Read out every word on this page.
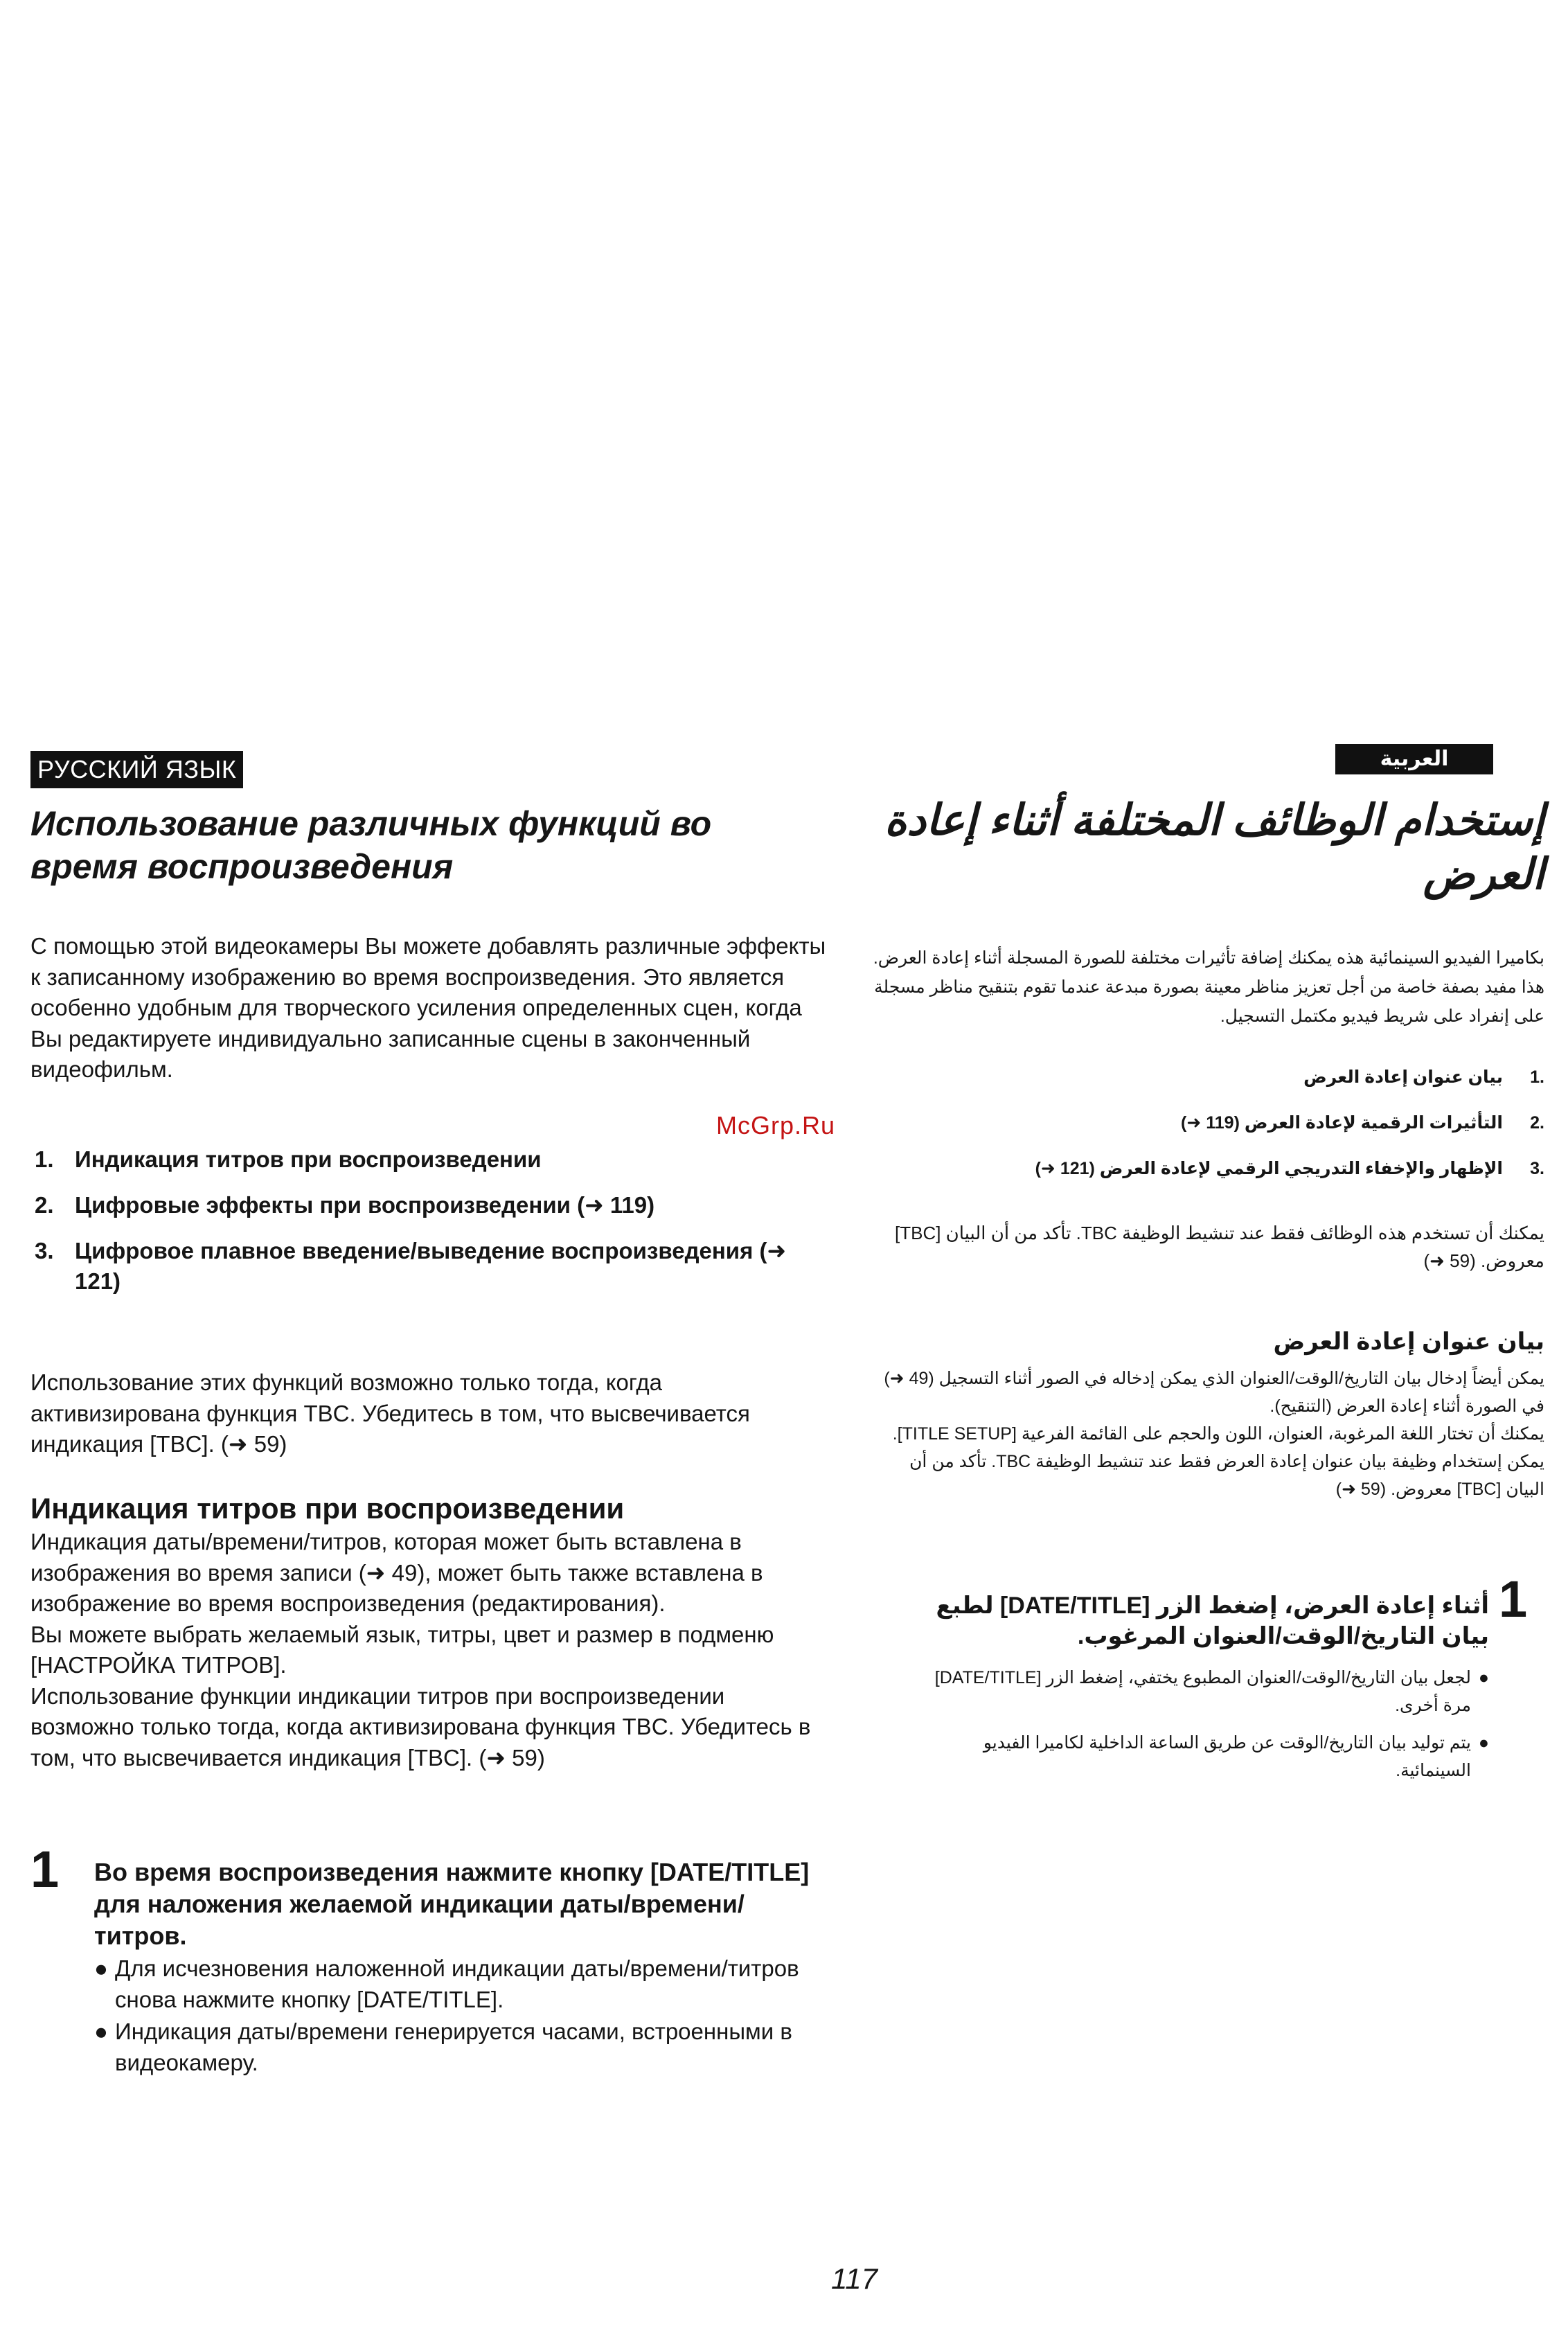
РУССКИЙ ЯЗЫК	العربية
Использование различных функций во время воспроизведения
С помощью этой видеокамеры Вы можете добавлять различные эффекты к записанному изображению во время воспроизведения. Это является особенно удобным для творческого усиления определенных сцен, когда Вы редактируете индивидуально записанные сцены в законченный видеофильм.
1. Индикация титров при воспроизведении
2. Цифровые эффекты при воспроизведении (➜ 119)
3. Цифровое плавное введение/выведение воспроизведения (➜ 121)
Использование этих функций возможно только тогда, когда активизирована функция TBC. Убедитесь в том, что высвечивается индикация [TBC]. (➜ 59)
Индикация титров при воспроизведении
Индикация даты/времени/титров, которая может быть вставлена в изображения во время записи (➜ 49), может быть также вставлена в изображение во время воспроизведения (редактирования).
Вы можете выбрать желаемый язык, титры, цвет и размер в подменю [НАСТРОЙКА ТИТРОВ].
Использование функции индикации титров при воспроизведении возможно только тогда, когда активизирована функция TBC. Убедитесь в том, что высвечивается индикация [TBC]. (➜ 59)
1 Во время воспроизведения нажмите кнопку [DATE/TITLE] для наложения желаемой индикации даты/времени/титров.
● Для исчезновения наложенной индикации даты/времени/титров снова нажмите кнопку [DATE/TITLE].
● Индикация даты/времени генерируется часами, встроенными в видеокамеру.
McGrp.Ru
إستخدام الوظائف المختلفة أثناء إعادة العرض
بكاميرا الفيديو السينمائية هذه يمكنك إضافة تأثيرات مختلفة للصورة المسجلة أثناء إعادة العرض. هذا مفيد بصفة خاصة من أجل تعزيز مناظر معينة بصورة مبدعة عندما تقوم بتنقيح مناظر مسجلة على إنفراد على شريط فيديو مكتمل التسجيل.
.1
بيان عنوان إعادة العرض
.2
التأثيرات الرقمية لإعادة العرض (119 ➜)
.3
الإظهار والإخفاء التدريجي الرقمي لإعادة العرض (121 ➜)
يمكنك أن تستخدم هذه الوظائف فقط عند تنشيط الوظيفة TBC. تأكد من أن البيان [TBC] معروض. (59 ➜)
بيان عنوان إعادة العرض
يمكن أيضاً إدخال بيان التاريخ/الوقت/العنوان الذي يمكن إدخاله في الصور أثناء التسجيل (49 ➜) في الصورة أثناء إعادة العرض (التنقيح).
يمكنك أن تختار اللغة المرغوبة، العنوان، اللون والحجم على القائمة الفرعية [TITLE SETUP].
يمكن إستخدام وظيفة بيان عنوان إعادة العرض فقط عند تنشيط الوظيفة TBC. تأكد من أن البيان [TBC] معروض. (59 ➜)
1
أثناء إعادة العرض، إضغط الزر [DATE/TITLE] لطبع بيان التاريخ/الوقت/العنوان المرغوب.
●
لجعل بيان التاريخ/الوقت/العنوان المطبوع يختفي، إضغط الزر [DATE/TITLE] مرة أخرى.
●
يتم توليد بيان التاريخ/الوقت عن طريق الساعة الداخلية لكاميرا الفيديو السينمائية.
117
